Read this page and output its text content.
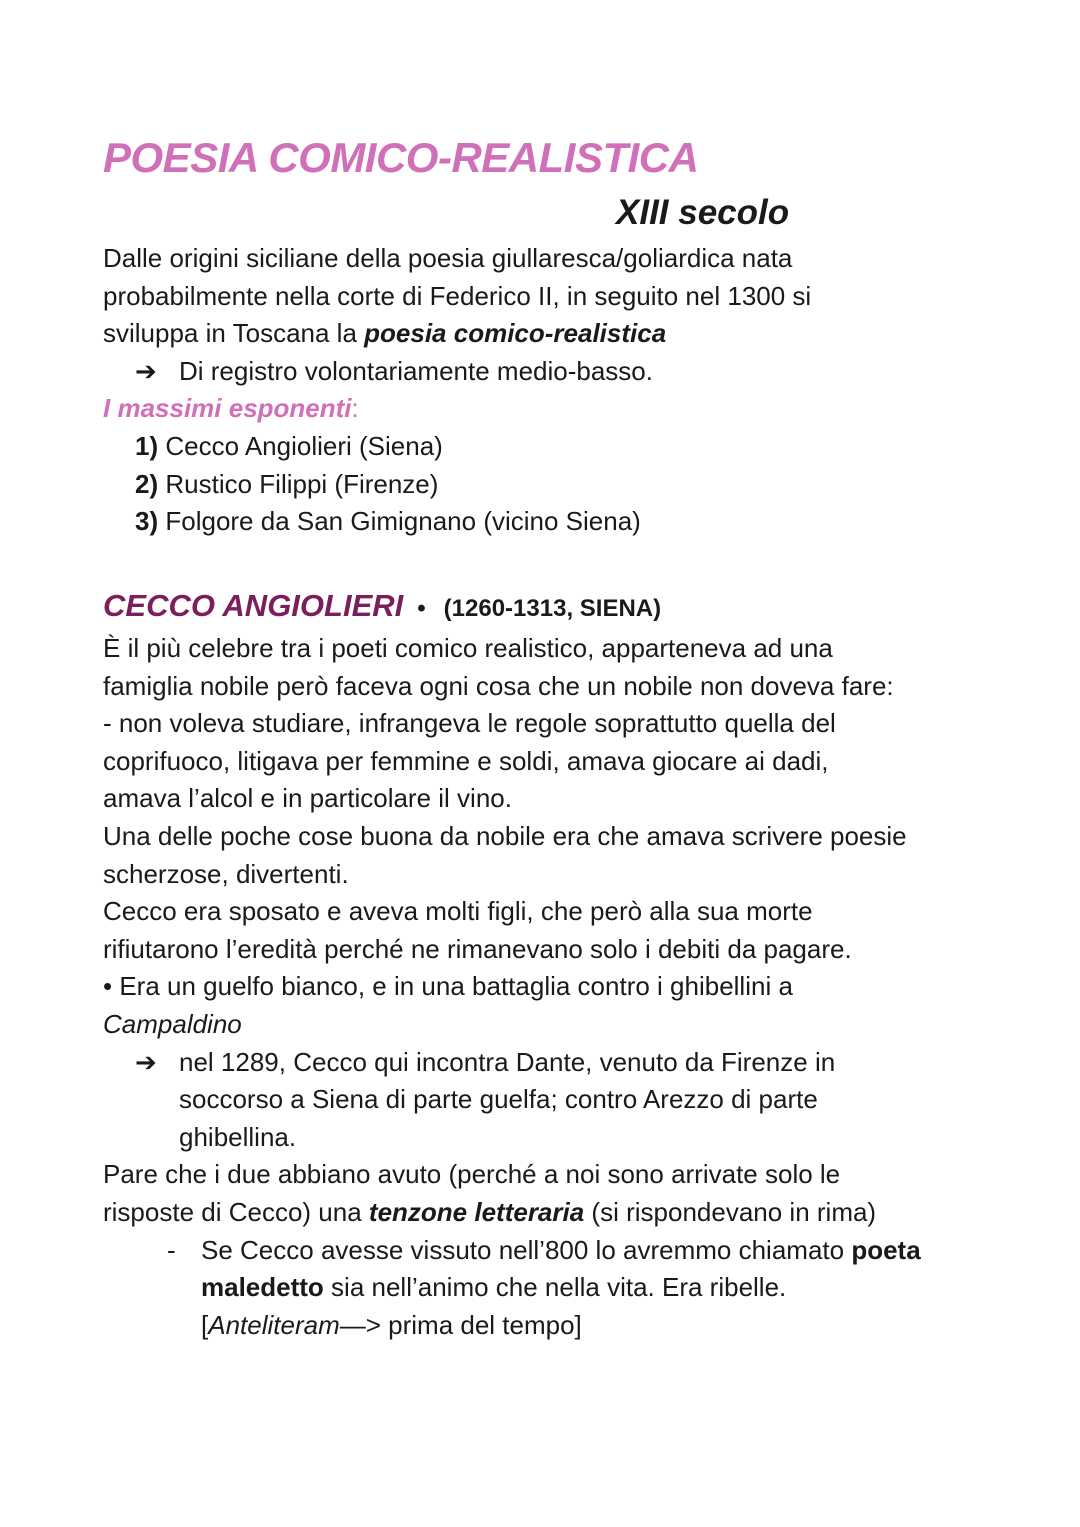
POESIA COMICO-REALISTICA
XIII secolo

Dalle origini siciliane della poesia giullaresca/goliardica nata

probabilmente nella corte di Federico II, in seguito nel 1300 si

sviluppa in Toscana la poesia comico-realistica

➔ Di registro volontariamente medio-basso.

I massimi esponenti:

1) Cecco Angiolieri (Siena)

2) Rustico Filippi (Firenze)

3) Folgore da San Gimignano (vicino Siena)

CECCO ANGIOLIERI • (1260-1313, SIENA)

È il più celebre tra i poeti comico realistico, apparteneva ad una

famiglia nobile però faceva ogni cosa che un nobile non doveva fare:

- non voleva studiare, infrangeva le regole soprattutto quella del

coprifuoco, litigava per femmine e soldi, amava giocare ai dadi,

amava l’alcol e in particolare il vino.

Una delle poche cose buona da nobile era che amava scrivere poesie

scherzose, divertenti.

Cecco era sposato e aveva molti figli, che però alla sua morte

rifiutarono l’eredità perché ne rimanevano solo i debiti da pagare.

• Era un guelfo bianco, e in una battaglia contro i ghibellini a

Campaldino

➔ nel 1289, Cecco qui incontra Dante, venuto da Firenze in

soccorso a Siena di parte guelfa; contro Arezzo di parte

ghibellina.

Pare che i due abbiano avuto (perché a noi sono arrivate solo le

risposte di Cecco) una tenzone letteraria (si rispondevano in rima)

- Se Cecco avesse vissuto nell’800 lo avremmo chiamato poeta

maledetto sia nell’animo che nella vita. Era ribelle.

[Anteliteram—> prima del tempo]
